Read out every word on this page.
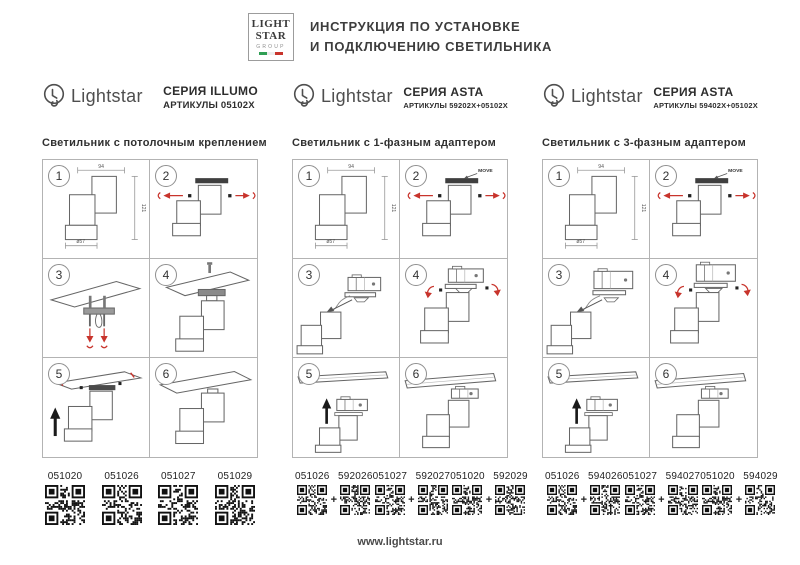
LIGHT
STAR
GROUP
ИНСТРУКЦИЯ ПО УСТАНОВКЕ
И ПОДКЛЮЧЕНИЮ СВЕТИЛЬНИКА
Lightstar СЕРИЯ ILLUMO
АРТИКУЛЫ 05102X
Светильник с потолочным креплением
1
94
121
ø57
2
3	4
5	6
051020 051026 051027 051029
Lightstar СЕРИЯ ASTA
АРТИКУЛЫ 59202X+05102X
Светильник с 1-фазным адаптером
1
94
121
ø57
2	MOVE
3	4
5	6
051026
+
592026 051027
+
592027 051020
+
592029
Lightstar СЕРИЯ ASTA
АРТИКУЛЫ 59402X+05102X
Светильник с 3-фазным адаптером
1
94
121
ø57
2	MOVE
3	4
5	6
051026
+
594026 051027
+
594027 051020
+
594029
www.lightstar.ru
